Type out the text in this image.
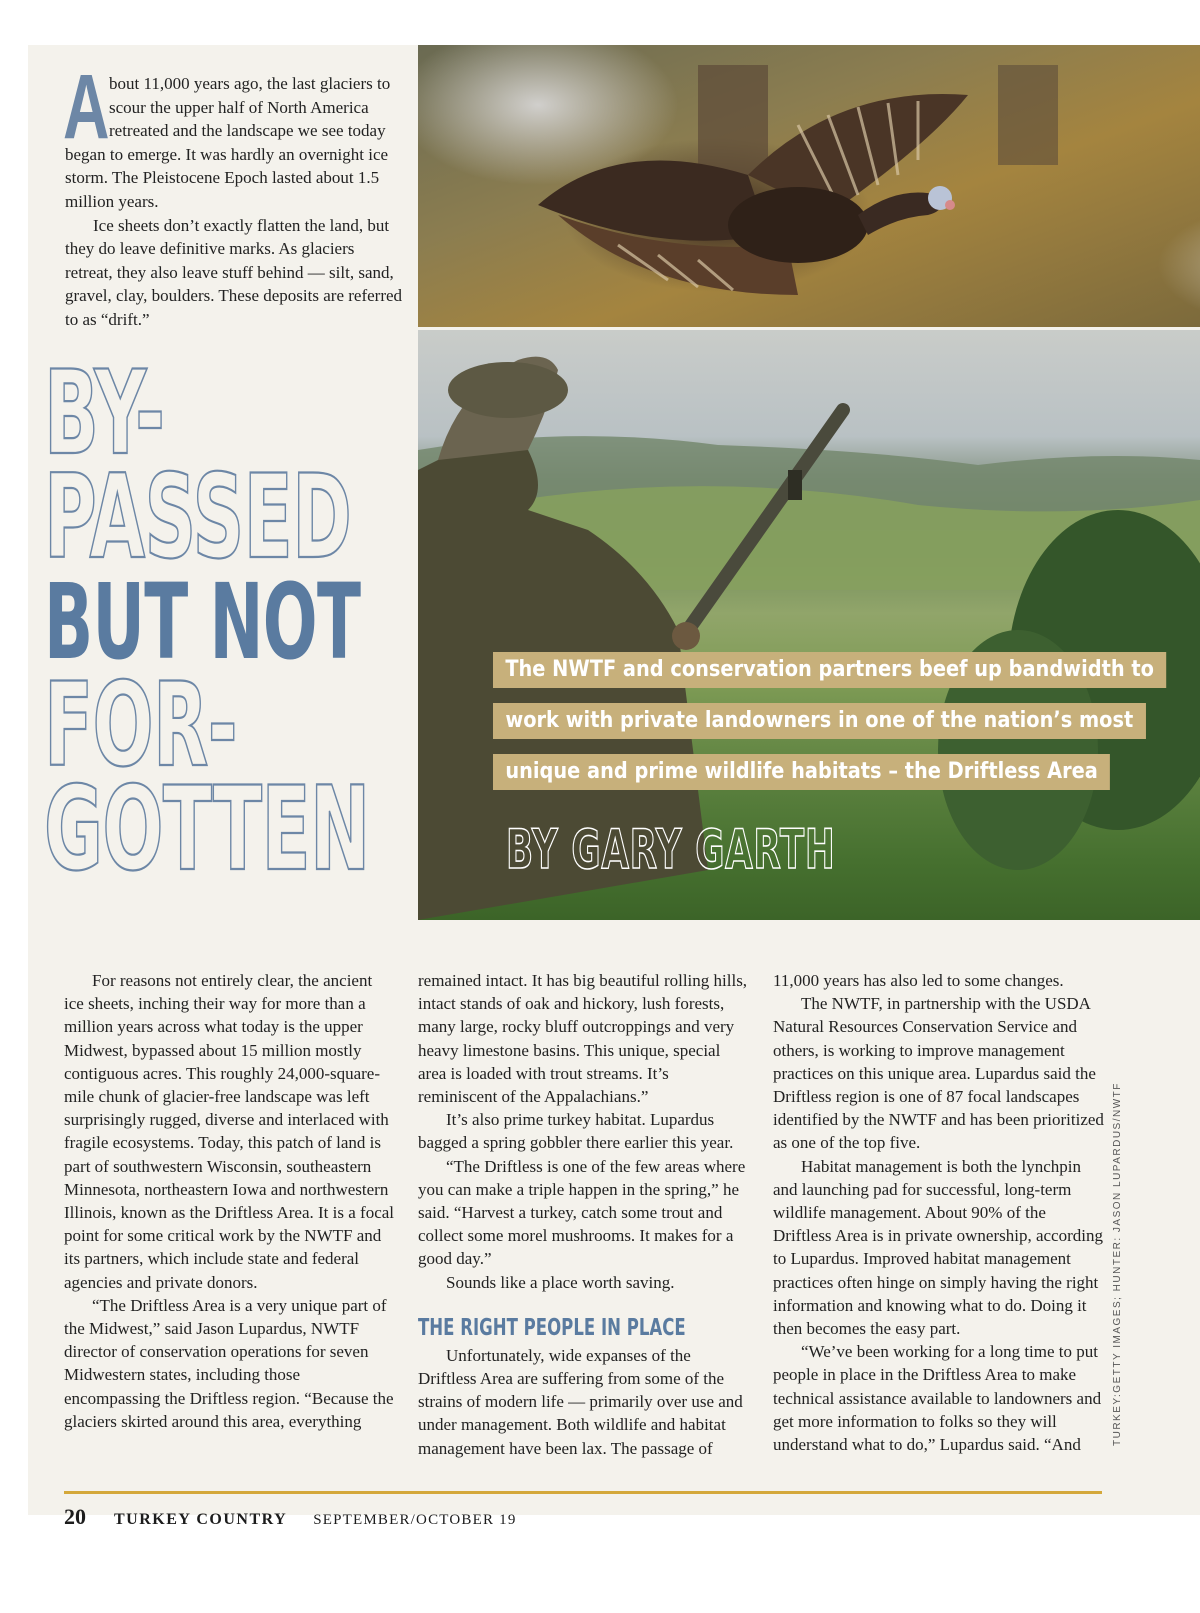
About 11,000 years ago, the last glaciers to scour the upper half of North America retreated and the landscape we see today began to emerge. It was hardly an overnight ice storm. The Pleistocene Epoch lasted about 1.5 million years.

Ice sheets don’t exactly flatten the land, but they do leave definitive marks. As glaciers retreat, they also leave stuff behind — silt, sand, gravel, clay, boulders. These deposits are referred to as “drift.”

BY-
PASSED
BUT NOT
FOR-
GOTTEN
The NWTF and conservation partners beef up bandwidth to work with private landowners in one of the nation’s most unique and prime wildlife habitats – the Driftless Area
BY GARY GARTH

For reasons not entirely clear, the ancient ice sheets, inching their way for more than a million years across what today is the upper Midwest, bypassed about 15 million mostly contiguous acres. This roughly 24,000-square-mile chunk of glacier-free landscape was left surprisingly rugged, diverse and interlaced with fragile ecosystems. Today, this patch of land is part of southwestern Wisconsin, southeastern Minnesota, northeastern Iowa and northwestern Illinois, known as the Driftless Area. It is a focal point for some critical work by the NWTF and its partners, which include state and federal agencies and private donors.

“The Driftless Area is a very unique part of the Midwest,” said Jason Lupardus, NWTF director of conservation operations for seven Midwestern states, including those encompassing the Driftless region. “Because the glaciers skirted around this area, everything

remained intact. It has big beautiful rolling hills, intact stands of oak and hickory, lush forests, many large, rocky bluff outcroppings and very heavy limestone basins. This unique, special area is loaded with trout streams. It’s reminiscent of the Appalachians.”

It’s also prime turkey habitat. Lupardus bagged a spring gobbler there earlier this year.

“The Driftless is one of the few areas where you can make a triple happen in the spring,” he said. “Harvest a turkey, catch some trout and collect some morel mushrooms. It makes for a good day.”

Sounds like a place worth saving.

THE RIGHT PEOPLE IN PLACE

Unfortunately, wide expanses of the Driftless Area are suffering from some of the strains of modern life — primarily over use and under management. Both wildlife and habitat management have been lax. The passage of

11,000 years has also led to some changes.

The NWTF, in partnership with the USDA Natural Resources Conservation Service and others, is working to improve management practices on this unique area. Lupardus said the Driftless region is one of 87 focal landscapes identified by the NWTF and has been prioritized as one of the top five.

Habitat management is both the lynchpin and launching pad for successful, long-term wildlife management. About 90% of the Driftless Area is in private ownership, according to Lupardus. Improved habitat management practices often hinge on simply having the right information and knowing what to do. Doing it then becomes the easy part.

“We’ve been working for a long time to put people in place in the Driftless Area to make technical assistance available to landowners and get more information to folks so they will understand what to do,” Lupardus said. “And	TURKEY:GETTY IMAGES; HUNTER: JASON LUPARDUS/NWTF
20 TURKEY COUNTRY SEPTEMBER/OCTOBER 19
